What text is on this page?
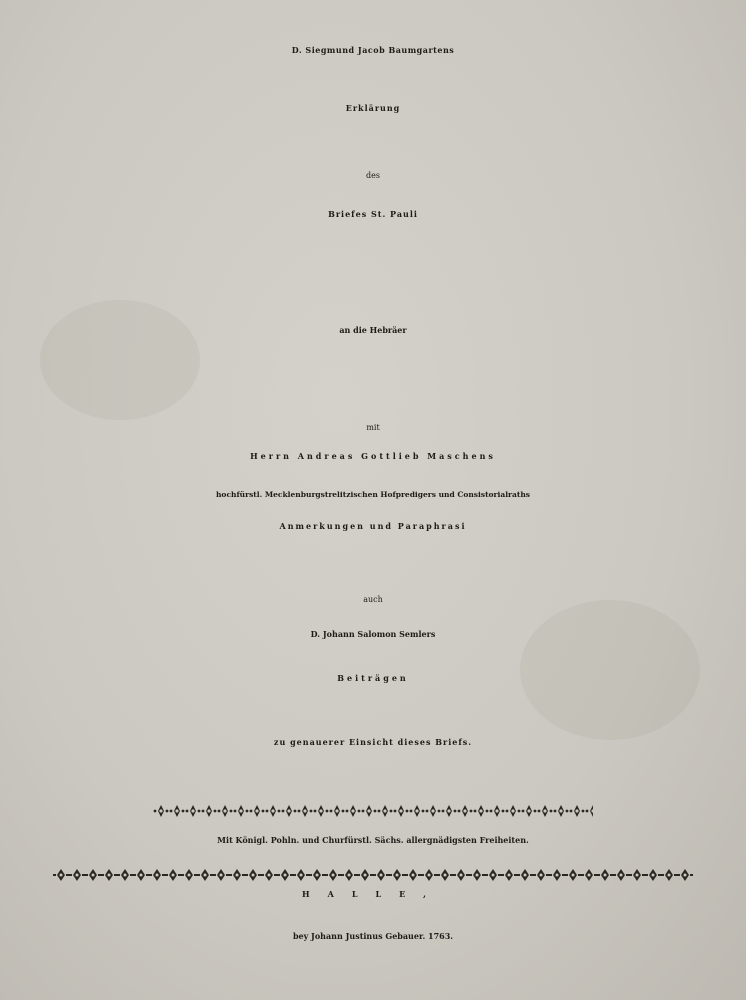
D. Siegmund Jacob Baumgartens
Erklärung
des
Briefes St. Pauli
an die Hebräer
mit
Herrn Andreas Gottlieb Maschens
hochfürstl. Mecklenburgstrelitzischen Hofpredigers und Consistorialraths
Anmerkungen und Paraphrasi
auch
D. Johann Salomon Semlers
Beiträgen
zu genauerer Einsicht dieses Briefs.
Mit Königl. Pohln. und Churfürstl. Sächs. allergnädigsten Freiheiten.
HALLE,
bey Johann Justinus Gebauer. 1763.
